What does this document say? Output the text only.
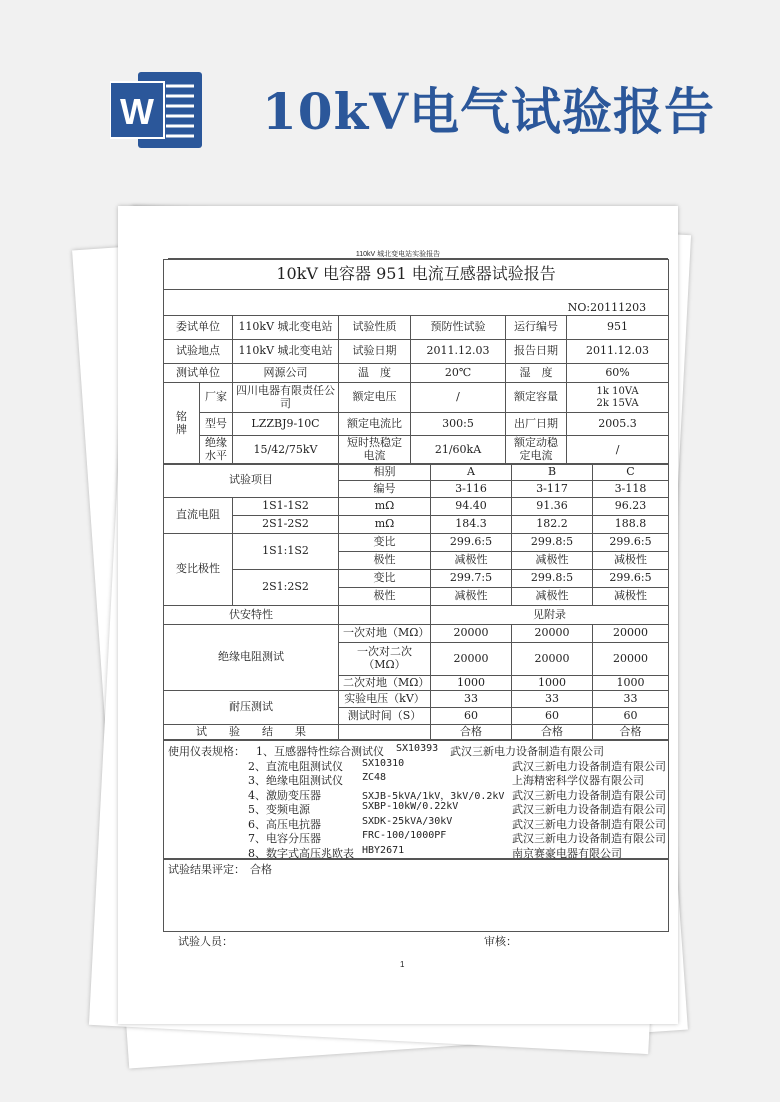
W 10kV电气试验报告
110kV 城北变电站实验报告
10kV 电容器 951 电流互感器试验报告						
NO:20111203						
委试单位		110kV 城北变电站	试验性质	预防性试验	运行编号	951
试验地点		110kV 城北变电站	试验日期	2011.12.03	报告日期	2011.12.03
测试单位		网源公司	温　度	20℃	湿　度	60%
铭牌	厂家	四川电器有限责任公司	额定电压	/	额定容量	1k 10VA
2k 15VA
	型号	LZZBJ9-10C	额定电流比	300:5	出厂日期	2005.3
	绝缘水平	15/42/75kV	短时热稳定电流	21/60kA	额定动稳定电流	/
试验项目		相别	A	B	C
		编号	3-116	3-117	3-118
直流电阻	1S1-1S2	mΩ	94.40	91.36	96.23
	2S1-2S2	mΩ	184.3	182.2	188.8
变比极性	1S1:1S2	变比	299.6:5	299.8:5	299.6:5
		极性	减极性	减极性	减极性
	2S1:2S2	变比	299.7:5	299.8:5	299.6:5
		极性	减极性	减极性	减极性
伏安特性			见附录		
绝缘电阻测试		一次对地（MΩ）	20000	20000	20000
		一次对二次（MΩ）	20000	20000	20000
		二次对地（MΩ）	1000	1000	1000
耐压测试		实验电压（kV）	33	33	33
		测试时间（S）	60	60	60
试　　验　　结　　果			合格	合格	合格
使用仪表规格： 1、互感器特性综合测试仪 SX10393 武汉三新电力设备制造有限公司
2、直流电阻测试仪 SX10310	武汉三新电力设备制造有限公司
3、绝缘电阻测试仪 ZC48	上海精密科学仪器有限公司
4、激励变压器	SXJB-5kVA/1kV，3kV/0.2kV 武汉三新电力设备制造有限公司
5、变频电源	SXBP-10kW/0.22kV	武汉三新电力设备制造有限公司
6、高压电抗器	SXDK-25kVA/30kV	武汉三新电力设备制造有限公司
7、电容分压器	FRC-100/1000PF	武汉三新电力设备制造有限公司
8、数字式高压兆欧表 HBY2671	南京赛豪电器有限公司
试验结果评定： 合格
试验人员：	审核：
1
